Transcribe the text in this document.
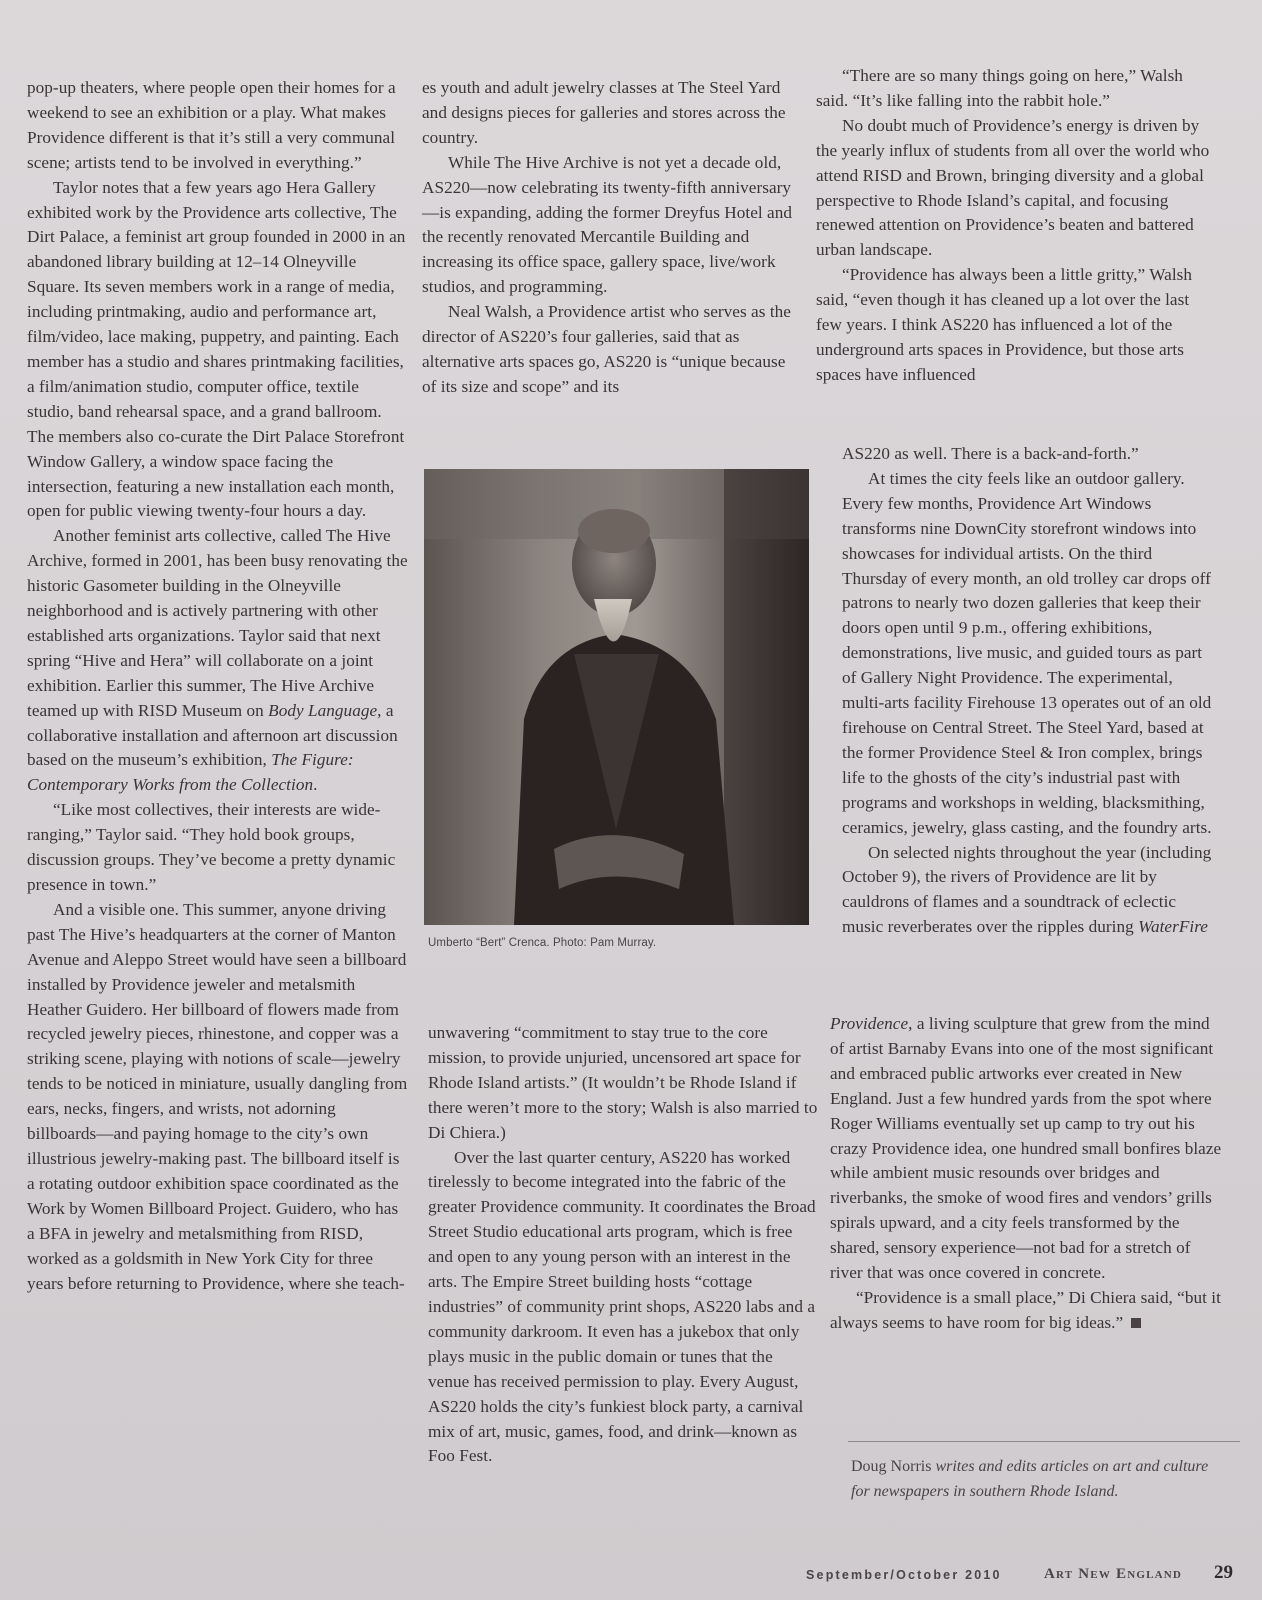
pop-up theaters, where people open their homes for a weekend to see an exhibition or a play. What makes Providence different is that it’s still a very communal scene; artists tend to be involved in everything.”

Taylor notes that a few years ago Hera Gallery exhibited work by the Providence arts collective, The Dirt Palace, a feminist art group founded in 2000 in an abandoned library building at 12–14 Olneyville Square. Its seven members work in a range of media, including printmaking, audio and performance art, film/video, lace making, puppetry, and painting. Each member has a studio and shares printmaking facilities, a film/animation studio, computer office, textile studio, band rehearsal space, and a grand ballroom. The members also co-curate the Dirt Palace Storefront Window Gallery, a window space facing the intersection, featuring a new installation each month, open for public viewing twenty-four hours a day.

Another feminist arts collective, called The Hive Archive, formed in 2001, has been busy renovating the historic Gasometer building in the Olneyville neighborhood and is actively partnering with other established arts organizations. Taylor said that next spring “Hive and Hera” will collaborate on a joint exhibition. Earlier this summer, The Hive Archive teamed up with RISD Museum on Body Language, a collaborative installation and afternoon art discussion based on the museum’s exhibition, The Figure: Contemporary Works from the Collection.

“Like most collectives, their interests are wide-ranging,” Taylor said. “They hold book groups, discussion groups. They’ve become a pretty dynamic presence in town.”

And a visible one. This summer, anyone driving past The Hive’s headquarters at the corner of Manton Avenue and Aleppo Street would have seen a billboard installed by Providence jeweler and metalsmith Heather Guidero. Her billboard of flowers made from recycled jewelry pieces, rhinestone, and copper was a striking scene, playing with notions of scale—jewelry tends to be noticed in miniature, usually dangling from ears, necks, fingers, and wrists, not adorning billboards—and paying homage to the city’s own illustrious jewelry-making past. The billboard itself is a rotating outdoor exhibition space coordinated as the Work by Women Billboard Project. Guidero, who has a BFA in jewelry and metalsmithing from RISD, worked as a goldsmith in New York City for three years before returning to Providence, where she teach-

es youth and adult jewelry classes at The Steel Yard and designs pieces for galleries and stores across the country.

While The Hive Archive is not yet a decade old, AS220—now celebrating its twenty-fifth anniversary—is expanding, adding the former Dreyfus Hotel and the recently renovated Mercantile Building and increasing its office space, gallery space, live/work studios, and programming.

Neal Walsh, a Providence artist who serves as the director of AS220’s four galleries, said that as alternative arts spaces go, AS220 is “unique because of its size and scope” and its

Umberto “Bert” Crenca. Photo: Pam Murray.

unwavering “commitment to stay true to the core mission, to provide unjuried, uncensored art space for Rhode Island artists.” (It wouldn’t be Rhode Island if there weren’t more to the story; Walsh is also married to Di Chiera.)

Over the last quarter century, AS220 has worked tirelessly to become integrated into the fabric of the greater Providence community. It coordinates the Broad Street Studio educational arts program, which is free and open to any young person with an interest in the arts. The Empire Street building hosts “cottage industries” of community print shops, AS220 labs and a community darkroom. It even has a jukebox that only plays music in the public domain or tunes that the venue has received permission to play. Every August, AS220 holds the city’s funkiest block party, a carnival mix of art, music, games, food, and drink—known as Foo Fest.

“There are so many things going on here,” Walsh said. “It’s like falling into the rabbit hole.”

No doubt much of Providence’s energy is driven by the yearly influx of students from all over the world who attend RISD and Brown, bringing diversity and a global perspective to Rhode Island’s capital, and focusing renewed attention on Providence’s beaten and battered urban landscape.

“Providence has always been a little gritty,” Walsh said, “even though it has cleaned up a lot over the last few years. I think AS220 has influenced a lot of the underground arts spaces in Providence, but those arts spaces have influenced

AS220 as well. There is a back-and-forth.”

At times the city feels like an outdoor gallery. Every few months, Providence Art Windows transforms nine DownCity storefront windows into showcases for individual artists. On the third Thursday of every month, an old trolley car drops off patrons to nearly two dozen galleries that keep their doors open until 9 p.m., offering exhibitions, demonstrations, live music, and guided tours as part of Gallery Night Providence. The experimental, multi-arts facility Firehouse 13 operates out of an old firehouse on Central Street. The Steel Yard, based at the former Providence Steel & Iron complex, brings life to the ghosts of the city’s industrial past with programs and workshops in welding, blacksmithing, ceramics, jewelry, glass casting, and the foundry arts.

On selected nights throughout the year (including October 9), the rivers of Providence are lit by cauldrons of flames and a soundtrack of eclectic music reverberates over the ripples during WaterFire

Providence, a living sculpture that grew from the mind of artist Barnaby Evans into one of the most significant and embraced public artworks ever created in New England. Just a few hundred yards from the spot where Roger Williams eventually set up camp to try out his crazy Providence idea, one hundred small bonfires blaze while ambient music resounds over bridges and riverbanks, the smoke of wood fires and vendors’ grills spirals upward, and a city feels transformed by the shared, sensory experience—not bad for a stretch of river that was once covered in concrete.

“Providence is a small place,” Di Chiera said, “but it always seems to have room for big ideas.”

Doug Norris writes and edits articles on art and culture for newspapers in southern Rhode Island.
September/October 2010	Art New England 29
